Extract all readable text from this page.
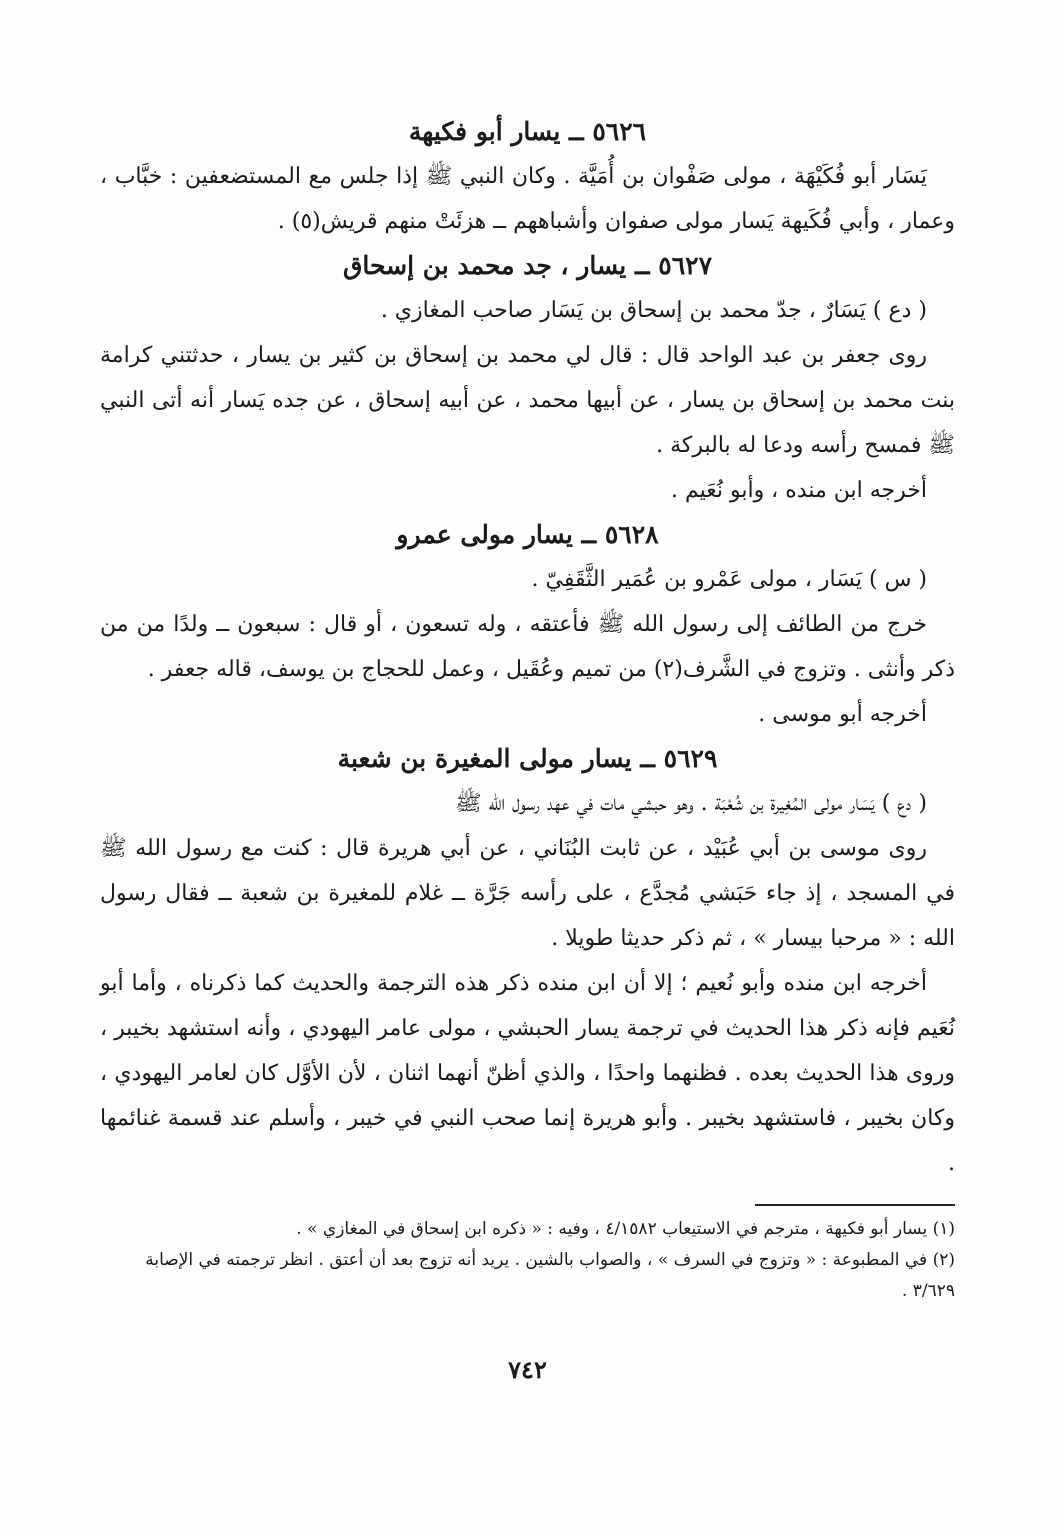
٥٦٢٦ ــ يسار أبو فكيهة

يَسَار أبو فُكَيْهَة ، مولى صَفْوان بن أُمَيَّة . وكان النبي ﷺ إذا جلس مع المستضعفين : خبَّاب ، وعمار ، وأبي فُكَيهة يَسار مولى صفوان وأشباههم ــ هزئَتْ منهم قريش(٥) .

٥٦٢٧ ــ يسار ، جد محمد بن إسحاق

( دع ) يَسَارٌ ، جدّ محمد بن إسحاق بن يَسَار صاحب المغازي .

روى جعفر بن عبد الواحد قال : قال لي محمد بن إسحاق بن كثير بن يسار ، حدثتني كرامة بنت محمد بن إسحاق بن يسار ، عن أبيها محمد ، عن أبيه إسحاق ، عن جده يَسار أنه أتى النبي ﷺ فمسح رأسه ودعا له بالبركة .

أخرجه ابن منده ، وأبو نُعَيم .

٥٦٢٨ ــ يسار مولى عمرو

( س ) يَسَار ، مولى عَمْرو بن عُمَير الثَّقَفِيّ .

خرج من الطائف إلى رسول الله ﷺ فأعتقه ، وله تسعون ، أو قال : سبعون ــ ولدًا من من ذكر وأنثى . وتزوج في الشَّرف(٢) من تميم وعُقَيل ، وعمل للحجاج بن يوسف، قاله جعفر .

أخرجه أبو موسى .

٥٦٢٩ ــ يسار مولى المغيرة بن شعبة

( دع ) يَسَار مولى المُغِيرة بن شُعْبَة . وهو حبشي مات في عهد رسول الله ﷺ

روى موسى بن أبي عُبَيْد ، عن ثابت البُنَاني ، عن أبي هريرة قال : كنت مع رسول الله ﷺ في المسجد ، إذ جاء حَبَشي مُجدَّع ، على رأسه جَرَّة ــ غلام للمغيرة بن شعبة ــ فقال رسول الله : « مرحبا بيسار » ، ثم ذكر حديثا طويلا .

أخرجه ابن منده وأبو نُعيم ؛ إلا أن ابن منده ذكر هذه الترجمة والحديث كما ذكرناه ، وأما أبو نُعَيم فإنه ذكر هذا الحديث في ترجمة يسار الحبشي ، مولى عامر اليهودي ، وأنه استشهد بخيبر ، وروى هذا الحديث بعده . فظنهما واحدًا ، والذي أظنّ أنهما اثنان ، لأن الأوَّل كان لعامر اليهودي ، وكان بخيبر ، فاستشهد بخيبر . وأبو هريرة إنما صحب النبي في خيبر ، وأسلم عند قسمة غنائمها .

(١) يسار أبو فكيهة ، مترجم في الاستيعاب ٤/١٥٨٢ ، وفيه : « ذكره ابن إسحاق في المغازي » .

(٢) في المطبوعة : « وتزوج في السرف » ، والصواب بالشين . يريد أنه تزوج بعد أن أعتق . انظر ترجمته في الإصابة ٣/٦٢٩ .

٧٤٢
